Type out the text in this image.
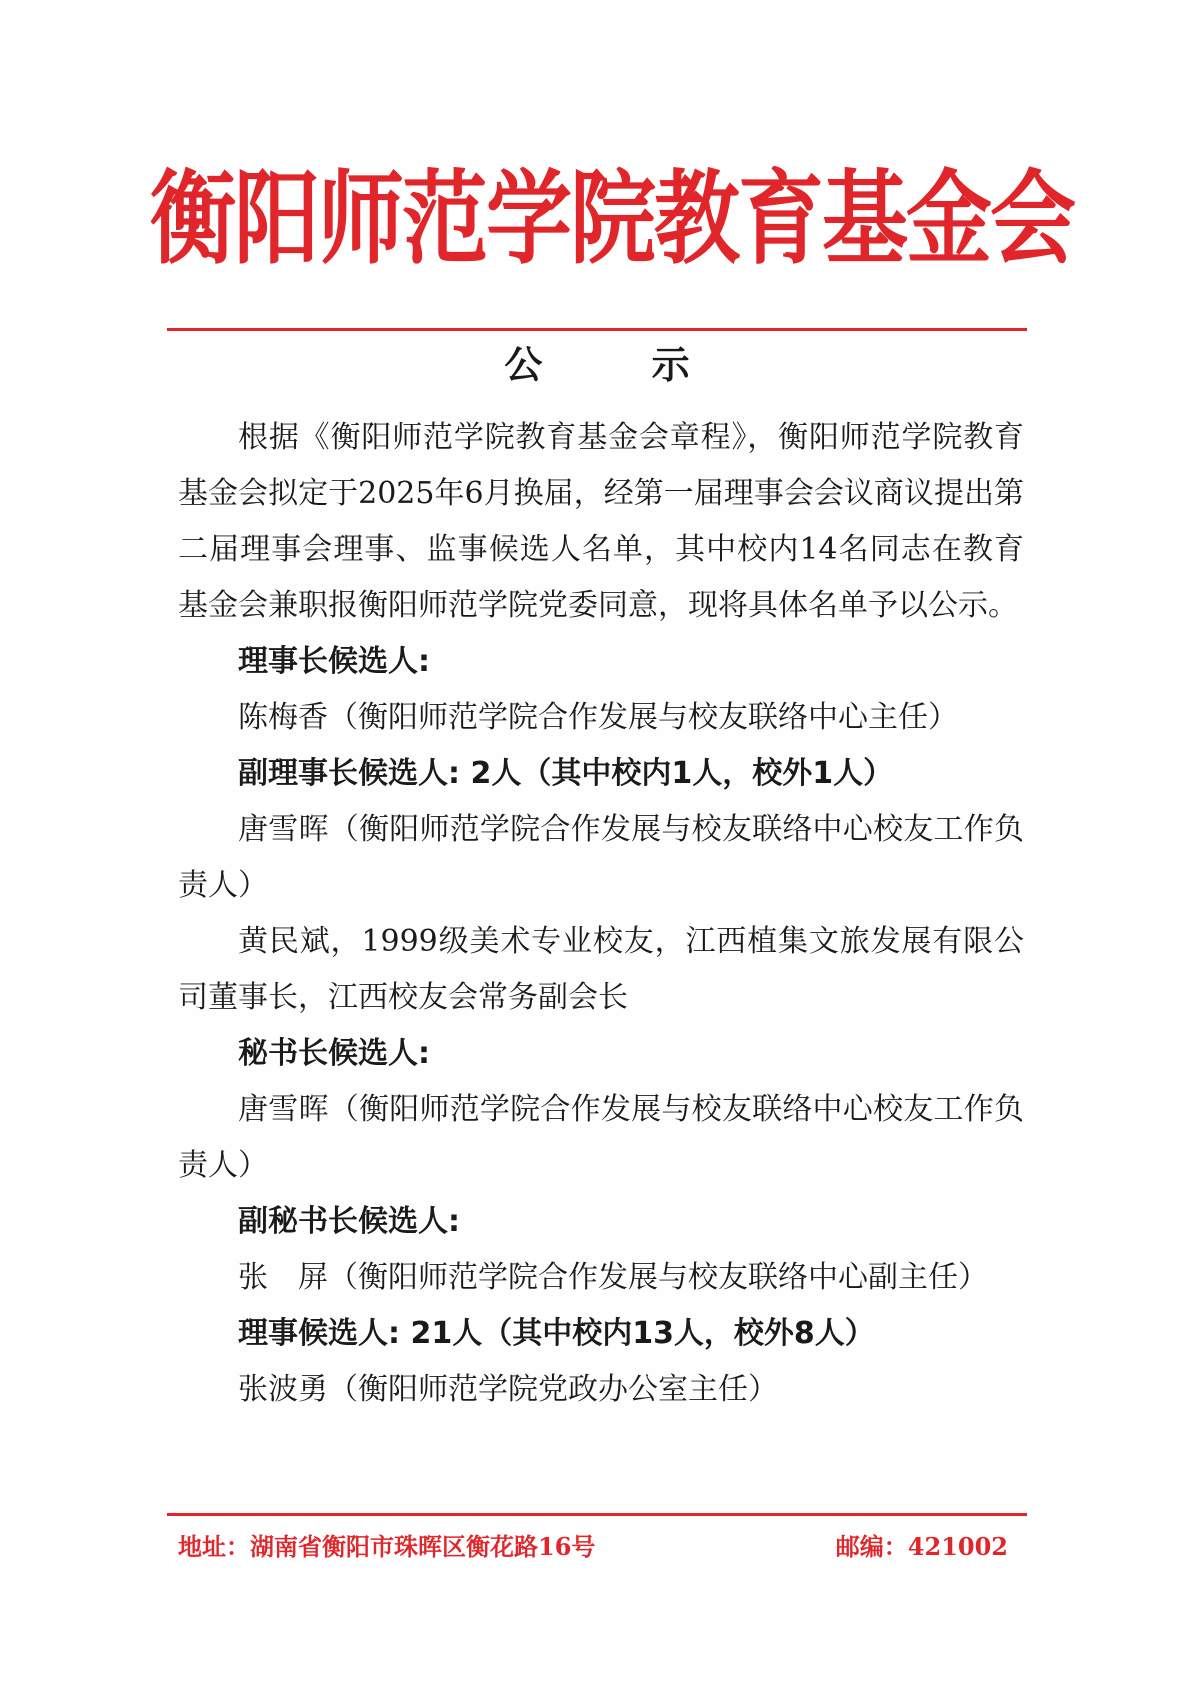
衡阳师范学院教育基金会
公 示

根据《衡阳师范学院教育基金会章程》，衡阳师范学院教育基金会拟定于2025年6月换届，经第一届理事会会议商议提出第二届理事会理事、监事候选人名单，其中校内14名同志在教育基金会兼职报衡阳师范学院党委同意，现将具体名单予以公示。

理事长候选人:

陈梅香（衡阳师范学院合作发展与校友联络中心主任）

副理事长候选人: 2人（其中校内1人，校外1人）

唐雪晖（衡阳师范学院合作发展与校友联络中心校友工作负责人）

黄民斌，1999级美术专业校友，江西植集文旅发展有限公司董事长，江西校友会常务副会长

秘书长候选人:

唐雪晖（衡阳师范学院合作发展与校友联络中心校友工作负责人）

副秘书长候选人:

张　屏（衡阳师范学院合作发展与校友联络中心副主任）

理事候选人: 21人（其中校内13人，校外8人）

张波勇（衡阳师范学院党政办公室主任）

地址：湖南省衡阳市珠晖区衡花路16号	邮编：421002
